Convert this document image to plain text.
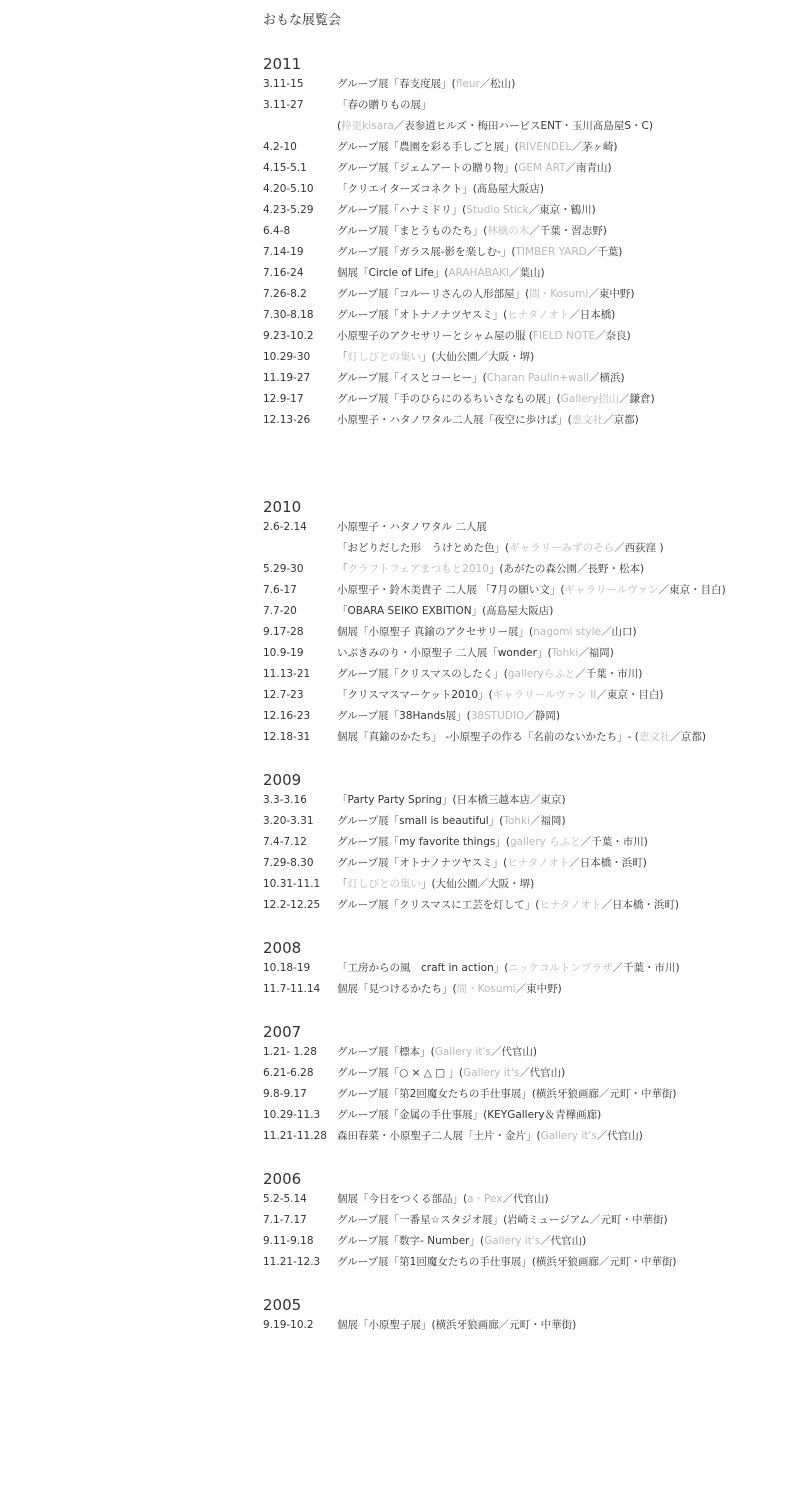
おもな展覧会
2011
3.11-15	グループ展「春支度展」(fleur／松山)
3.11-27	「春の贈りもの展」
(粋更kisara／表参道ヒルズ・梅田ハービスENT・玉川髙島屋S・C)
4.2-10	グループ展「農園を彩る手しごと展」(RIVENDEL／茅ヶ崎)
4.15-5.1	グループ展「ジェムアートの贈り物」(GEM ART／南青山)
4.20-5.10 「クリエイターズコネクト」(髙島屋大阪店)
4.23-5.29 グループ展「ハナミドリ」(Studio Stick／東京・鶴川)
6.4-8	グループ展「まとうものたち」(林檎の木／千葉・習志野)
7.14-19	グループ展「ガラス展-影を楽しむ-」(TIMBER YARD／千葉)
7.16-24	個展「Circle of Life」(ARAHABAKI／葉山)
7.26-8.2	グループ展「コルーリさんの人形部屋」(間・Kosumi／東中野)
7.30-8.18 グループ展「オトナノナツヤスミ」(ヒナタノオト／日本橋)
9.23-10.2 小原聖子のアクセサリーとシャム屋の服 (FIELD NOTE／奈良)
10.29-30	「灯しびとの集い」(大仙公園／大阪・堺)
11.19-27	グループ展「イスとコーヒー」(Charan Paulin+wall／横浜)
12.9-17	グループ展「手のひらにのるちいさなもの展」(Gallery招山／鎌倉)
12.13-26	小原聖子・ハタノワタル二人展「夜空に歩けば」(恵文社／京都)
2010
2.6-2.14	小原聖子・ハタノワタル 二人展
「おどりだした形　うけとめた色」(ギャラリーみずのそら／西荻窪 )
5.29-30	「クラフトフェアまつもと2010」(あがたの森公園／長野・松本)
7.6-17	小原聖子・鈴木美貴子 二人展 「7月の願い文」(ギャラリールヴァン／東京・目白)
7.7-20	「OBARA SEIKO EXBITION」(髙島屋大阪店)
9.17-28	個展「小原聖子 真鍮のアクセサリー展」(nagomi style／山口)
10.9-19	いぶきみのり・小原聖子 二人展「wonder」(Tohki／福岡)
11.13-21	グループ展「クリスマスのしたく」(galleryらふと／千葉・市川)
12.7-23	「クリスマスマーケット2010」(ギャラリールヴァン II／東京・目白)
12.16-23	グループ展「38Hands展」(38STUDIO／静岡)
12.18-31	個展「真鍮のかたち」 -小原聖子の作る「名前のないかたち」- (恵文社／京都)
2009
3.3-3.16	「Party Party Spring」(日本橋三越本店／東京)
3.20-3.31 グループ展「small is beautiful」(Tohki／福岡)
7.4-7.12	グループ展「my favorite things」(gallery らふと／千葉・市川)
7.29-8.30 グループ展「オトナノナツヤスミ」(ヒナタノオト／日本橋・浜町)
10.31-11.1 「灯しびとの集い」(大仙公園／大阪・堺)
12.2-12.25 グループ展「クリスマスに工芸を灯して」(ヒナタノオト／日本橋・浜町)
2008
10.18-19	「工房からの風　craft in action」(ニッケコルトンプラザ／千葉・市川)
11.7-11.14 個展「見つけるかたち」(間・Kosumi／東中野)
2007
1.21- 1.28 グループ展「標本」(Gallery it's／代官山)
6.21-6.28 グループ展「○ × △ □ 」(Gallery it's／代官山)
9.8-9.17	グループ展「第2回魔女たちの手仕事展」(横浜牙狼画廊／元町・中華街)
10.29-11.3 グループ展「金属の手仕事展」(KEYGallery＆青樺画廊)
11.21-11.28 森田春菜・小原聖子二人展「土片・金片」(Gallery it's／代官山)
2006
5.2-5.14	個展「今日をつくる部品」(a・Pex／代官山)
7.1-7.17	グループ展「一番星☆スタジオ展」(岩崎ミュージアム／元町・中華街)
9.11-9.18 グループ展「数字- Number」(Gallery it's／代官山)
11.21-12.3 グループ展「第1回魔女たちの手仕事展」(横浜牙狼画廊／元町・中華街)
2005
9.19-10.2 個展「小原聖子展」(横浜牙狼画廊／元町・中華街)
